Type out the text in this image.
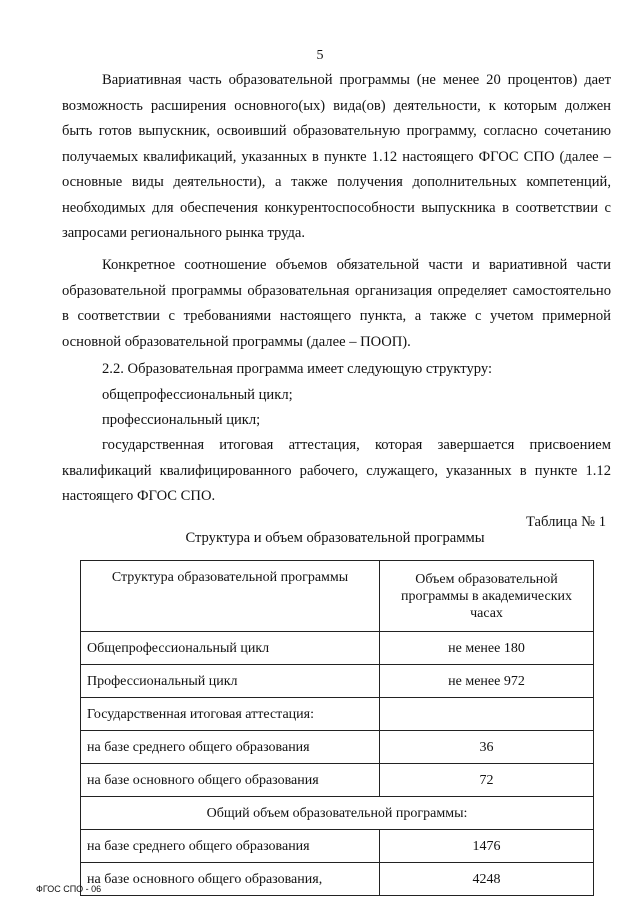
5

Вариативная часть образовательной программы (не менее 20 процентов) дает возможность расширения основного(ых) вида(ов) деятельности, к которым должен быть готов выпускник, освоивший образовательную программу, согласно сочетанию получаемых квалификаций, указанных в пункте 1.12 настоящего ФГОС СПО (далее – основные виды деятельности), а также получения дополнительных компетенций, необходимых для обеспечения конкурентоспособности выпускника в соответствии с запросами регионального рынка труда.

Конкретное соотношение объемов обязательной части и вариативной части образовательной программы образовательная организация определяет самостоятельно в соответствии с требованиями настоящего пункта, а также с учетом примерной основной образовательной программы (далее – ПООП).

2.2. Образовательная программа имеет следующую структуру:

общепрофессиональный цикл;

профессиональный цикл;

государственная итоговая аттестация, которая завершается присвоением квалификаций квалифицированного рабочего, служащего, указанных в пункте 1.12 настоящего ФГОС СПО.

Таблица № 1
Структура и объем образовательной программы
Структура образовательной программы	Объем образовательной программы в академических часах
Общепрофессиональный цикл	не менее 180
Профессиональный цикл	не менее 972
Государственная итоговая аттестация:	
на базе среднего общего образования	36
на базе основного общего образования	72
Общий объем образовательной программы:	
на базе среднего общего образования	1476
на базе основного общего образования,	4248
ФГОС СПО - 06
